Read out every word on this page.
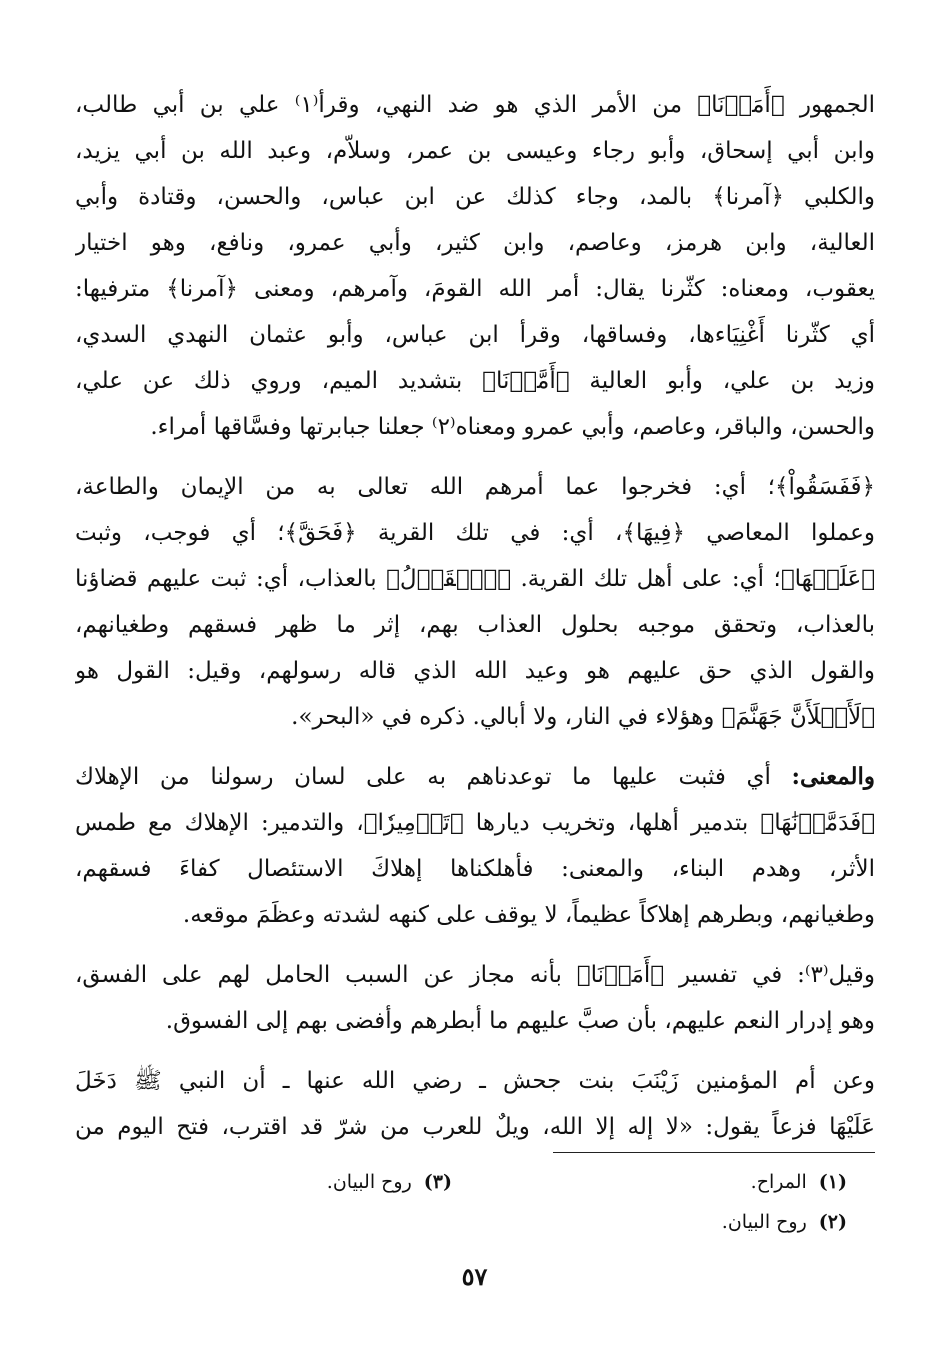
الجمهور ﴿أَمَرۡنَا﴾ من الأمر الذي هو ضد النهي، وقرأ⁽١⁾ علي بن أبي طالب،
وابن أبي إسحاق، وأبو رجاء وعيسى بن عمر، وسلاّم، وعبد الله بن أبي يزيد،
والكلبي ﴿آمرنا﴾ بالمد، وجاء كذلك عن ابن عباس، والحسن، وقتادة وأبي
العالية، وابن هرمز، وعاصم، وابن كثير، وأبي عمرو، ونافع، وهو اختيار
يعقوب، ومعناه: كثّرنا يقال: أمر الله القومَ، وآمرهم، ومعنى ﴿آمرنا﴾ مترفيها:
أي كثّرنا أَغْنِيَاءها، وفساقها، وقرأ ابن عباس، وأبو عثمان النهدي السدي،
وزيد بن علي، وأبو العالية ﴿أَمَّرۡنَا﴾ بتشديد الميم، وروي ذلك عن علي،
والحسن، والباقر، وعاصم، وأبي عمرو ومعناه⁽٢⁾ جعلنا جبابرتها وفسَّاقها أمراء.
﴿فَفَسَقُواْ﴾؛ أي: فخرجوا عما أمرهم الله تعالى به من الإيمان والطاعة،
وعملوا المعاصي ﴿فِيهَا﴾، أي: في تلك القرية ﴿فَحَقَّ﴾؛ أي فوجب، وثبت
﴿عَلَيۡهَا﴾؛ أي: على أهل تلك القرية. ﴿ٱلۡقَوۡلُ﴾ بالعذاب، أي: ثبت عليهم قضاؤنا
بالعذاب، وتحقق موجبه بحلول العذاب بهم، إثر ما ظهر فسقهم وطغيانهم،
والقول الذي حق عليهم هو وعيد الله الذي قاله رسولهم، وقيل: القول هو
﴿لَأَمۡلَأَنَّ جَهَنَّمَ﴾ وهؤلاء في النار، ولا أبالي. ذكره في «البحر».
والمعنى: أي فثبت عليها ما توعدناهم به على لسان رسولنا من الإهلاك
﴿فَدَمَّرۡنَٰهَا﴾ بتدمير أهلها، وتخريب ديارها ﴿تَدۡمِيرٗا﴾، والتدمير: الإهلاك مع طمس
الأثر، وهدم البناء، والمعنى: فأهلكناها إهلاكَ الاستئصال كفاءَ فسقهم،
وطغيانهم، وبطرهم إهلاكاً عظيماً، لا يوقف على كنهه لشدته وعظَمَ موقعه.
وقيل⁽٣⁾: في تفسير ﴿أَمَرۡنَا﴾ بأنه مجاز عن السبب الحامل لهم على الفسق،
وهو إدرار النعم عليهم، بأن صبَّ عليهم ما أبطرهم وأفضى بهم إلى الفسوق.
وعن أم المؤمنين زَيْنَبَ بنت جحش ـ رضي الله عنها ـ أن النبي ﷺ دَخَلَ
عَلَيْهَا فزعاً يقول: «لا إله إلا الله، ويلٌ للعرب من شرّ قد اقترب، فتح اليوم من
(١)المراح.
(٣)روح البيان.
(٢)روح البيان.
٥٧
